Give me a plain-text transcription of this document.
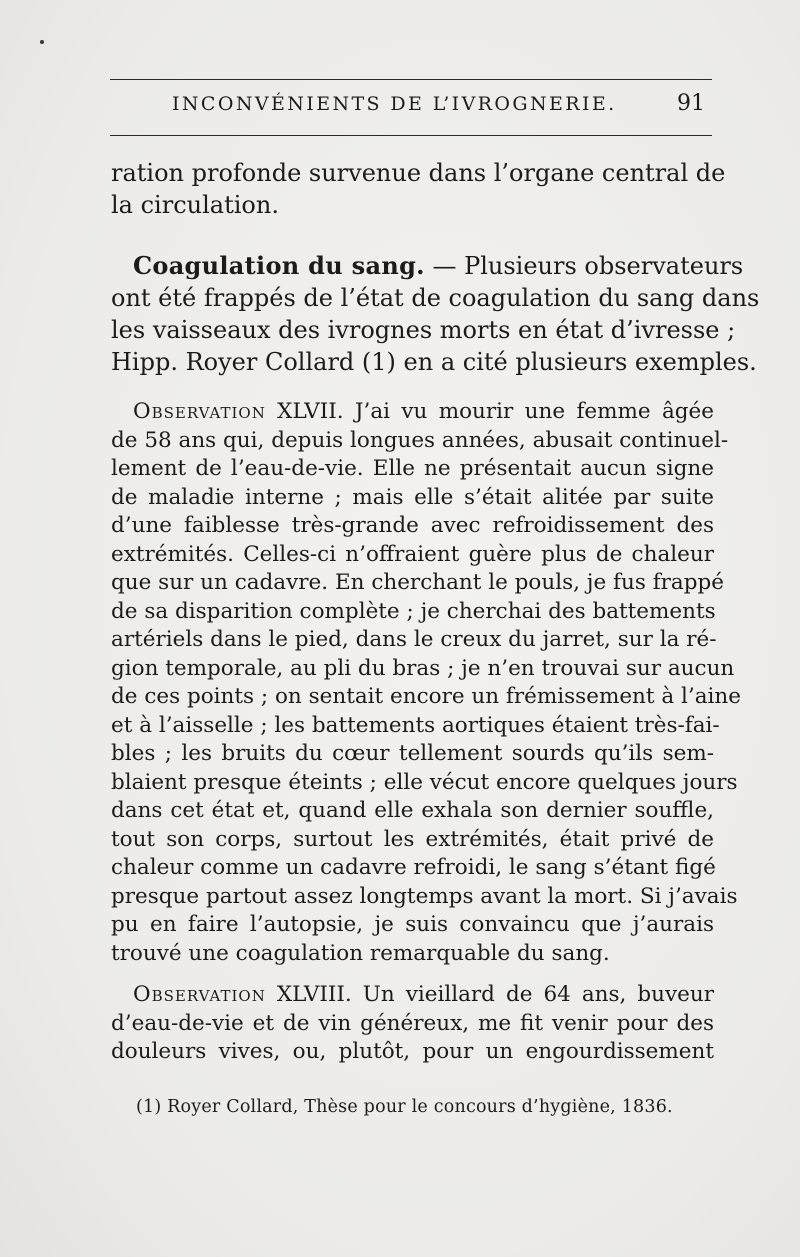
INCONVÉNIENTS DE L’IVROGNERIE.	91
ration profonde survenue dans l’organe central de
la circulation.
Coagulation du sang. — Plusieurs observateurs
ont été frappés de l’état de coagulation du sang dans
les vaisseaux des ivrognes morts en état d’ivresse ;
Hipp. Royer Collard (1) en a cité plusieurs exemples.
Observation XLVII. J’ai vu mourir une femme âgée
de 58 ans qui, depuis longues années, abusait continuel-
lement de l’eau-de-vie. Elle ne présentait aucun signe
de maladie interne ; mais elle s’était alitée par suite
d’une faiblesse très-grande avec refroidissement des
extrémités. Celles-ci n’offraient guère plus de chaleur
que sur un cadavre. En cherchant le pouls, je fus frappé
de sa disparition complète ; je cherchai des battements
artériels dans le pied, dans le creux du jarret, sur la ré-
gion temporale, au pli du bras ; je n’en trouvai sur aucun
de ces points ; on sentait encore un frémissement à l’aine
et à l’aisselle ; les battements aortiques étaient très-fai-
bles ; les bruits du cœur tellement sourds qu’ils sem-
blaient presque éteints ; elle vécut encore quelques jours
dans cet état et, quand elle exhala son dernier souffle,
tout son corps, surtout les extrémités, était privé de
chaleur comme un cadavre refroidi, le sang s’étant figé
presque partout assez longtemps avant la mort. Si j’avais
pu en faire l’autopsie, je suis convaincu que j’aurais
trouvé une coagulation remarquable du sang.
Observation XLVIII. Un vieillard de 64 ans, buveur
d’eau-de-vie et de vin généreux, me fit venir pour des
douleurs vives, ou, plutôt, pour un engourdissement
(1) Royer Collard, Thèse pour le concours d’hygiène, 1836.
